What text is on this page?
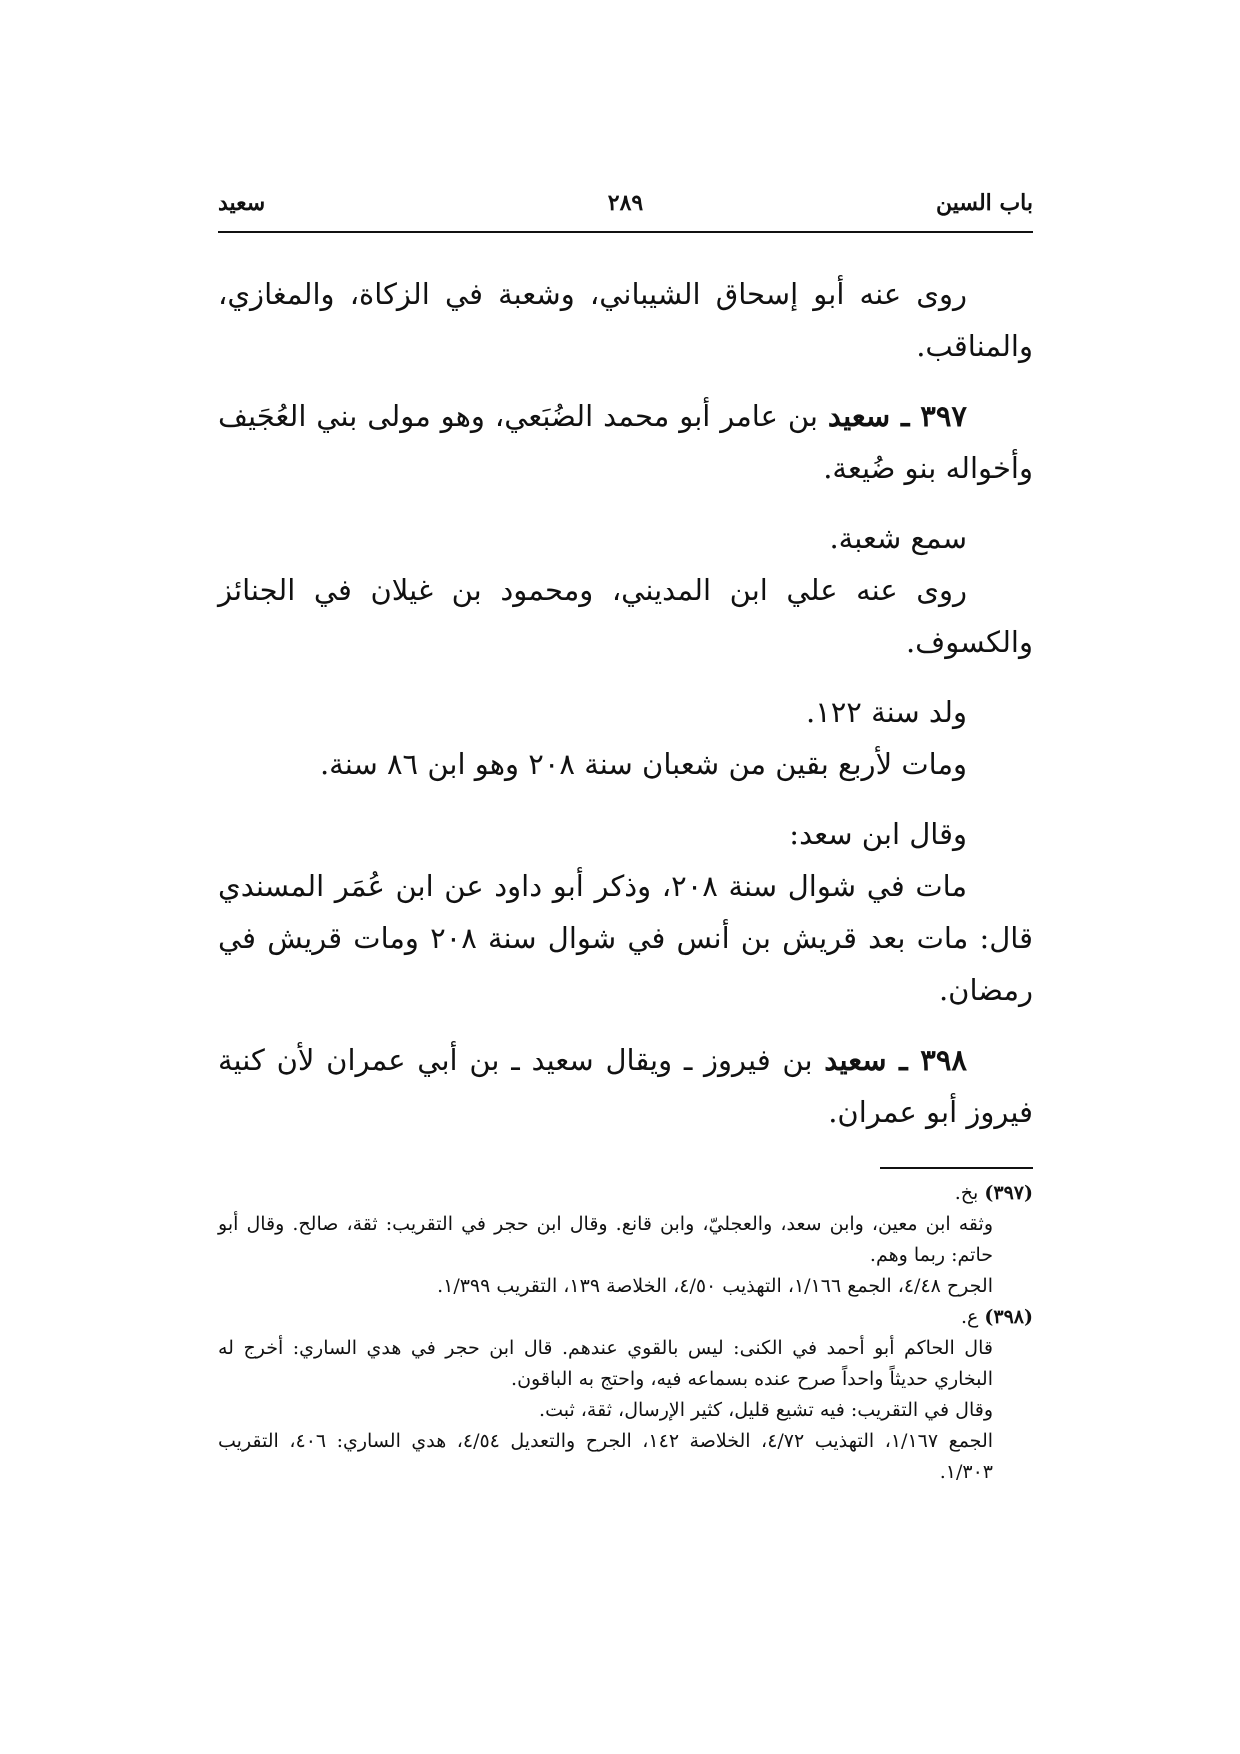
باب السين
٢٨٩
سعيد

روى عنه أبو إسحاق الشيباني، وشعبة في الزكاة، والمغازي، والمناقب.

٣٩٧ ـ سعيد بن عامر أبو محمد الضُبَعي، وهو مولى بني العُجَيف وأخواله بنو ضُيعة.

سمع شعبة.

روى عنه علي ابن المديني، ومحمود بن غيلان في الجنائز والكسوف.

ولد سنة ١٢٢.

ومات لأربع بقين من شعبان سنة ٢٠٨ وهو ابن ٨٦ سنة.

وقال ابن سعد:

مات في شوال سنة ٢٠٨، وذكر أبو داود عن ابن عُمَر المسندي قال: مات بعد قريش بن أنس في شوال سنة ٢٠٨ ومات قريش في رمضان.

٣٩٨ ـ سعيد بن فيروز ـ ويقال سعيد ـ بن أبي عمران لأن كنية فيروز أبو عمران.

(٣٩٧) بخ.

وثقه ابن معين، وابن سعد، والعجليّ، وابن قانع. وقال ابن حجر في التقريب: ثقة، صالح. وقال أبو حاتم: ربما وهم.

الجرح ٤/٤٨، الجمع ١/١٦٦، التهذيب ٤/٥٠، الخلاصة ١٣٩، التقريب ١/٣٩٩.

(٣٩٨) ع.

قال الحاكم أبو أحمد في الكنى: ليس بالقوي عندهم. قال ابن حجر في هدي الساري: أخرج له البخاري حديثاً واحداً صرح عنده بسماعه فيه، واحتج به الباقون.

وقال في التقريب: فيه تشيع قليل، كثير الإرسال، ثقة، ثبت.

الجمع ١/١٦٧، التهذيب ٤/٧٢، الخلاصة ١٤٢، الجرح والتعديل ٤/٥٤، هدي الساري: ٤٠٦، التقريب ١/٣٠٣.
